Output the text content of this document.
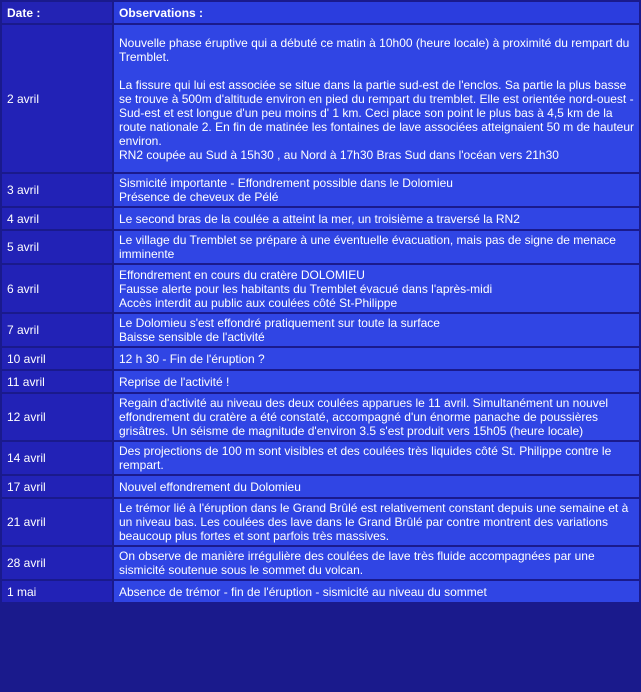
Date :	Observations :
2 avril	Nouvelle phase éruptive qui a débuté ce matin à 10h00 (heure locale) à proximité du rempart du Tremblet.

La fissure qui lui est associée se situe dans la partie sud-est de l'enclos. Sa partie la plus basse se trouve à 500m d'altitude environ en pied du rempart du tremblet. Elle est orientée nord-ouest - Sud-est et est longue d'un peu moins d' 1 km. Ceci place son point le plus bas à 4,5 km de la route nationale 2. En fin de matinée les fontaines de lave associées atteignaient 50 m de hauteur environ.
RN2 coupée au Sud à 15h30 , au Nord à 17h30 Bras Sud dans l'océan vers 21h30

3 avril	Sismicité importante - Effondrement possible dans le Dolomieu
Présence de cheveux de Pélé

4 avril	Le second bras de la coulée a atteint la mer, un troisième a traversé la RN2

5 avril	Le village du Tremblet se prépare à une éventuelle évacuation, mais pas de signe de menace imminente

6 avril	Effondrement en cours du cratère DOLOMIEU
Fausse alerte pour les habitants du Tremblet évacué dans l'après-midi
Accès interdit au public aux coulées côté St-Philippe

7 avril	Le Dolomieu s'est effondré pratiquement sur toute la surface
Baisse sensible de l'activité

10 avril	12 h 30 - Fin de l'éruption ?

11 avril	Reprise de l'activité !

12 avril	Regain d'activité au niveau des deux coulées apparues le 11 avril. Simultanément un nouvel effondrement du cratère a été constaté, accompagné d'un énorme panache de poussières grisâtres. Un séisme de magnitude d'environ 3.5 s'est produit vers 15h05 (heure locale)

14 avril	Des projections de 100 m sont visibles et des coulées très liquides côté St. Philippe contre le rempart.

17 avril	Nouvel effondrement du Dolomieu

21 avril	Le trémor lié à l'éruption dans le Grand Brûlé est relativement constant depuis une semaine et à un niveau bas. Les coulées des lave dans le Grand Brûlé par contre montrent des variations beaucoup plus fortes et sont parfois très massives.

28 avril	On observe de manière irrégulière des coulées de lave très fluide accompagnées par une sismicité soutenue sous le sommet du volcan.

1 mai	Absence de trémor - fin de l'éruption - sismicité au niveau du sommet
